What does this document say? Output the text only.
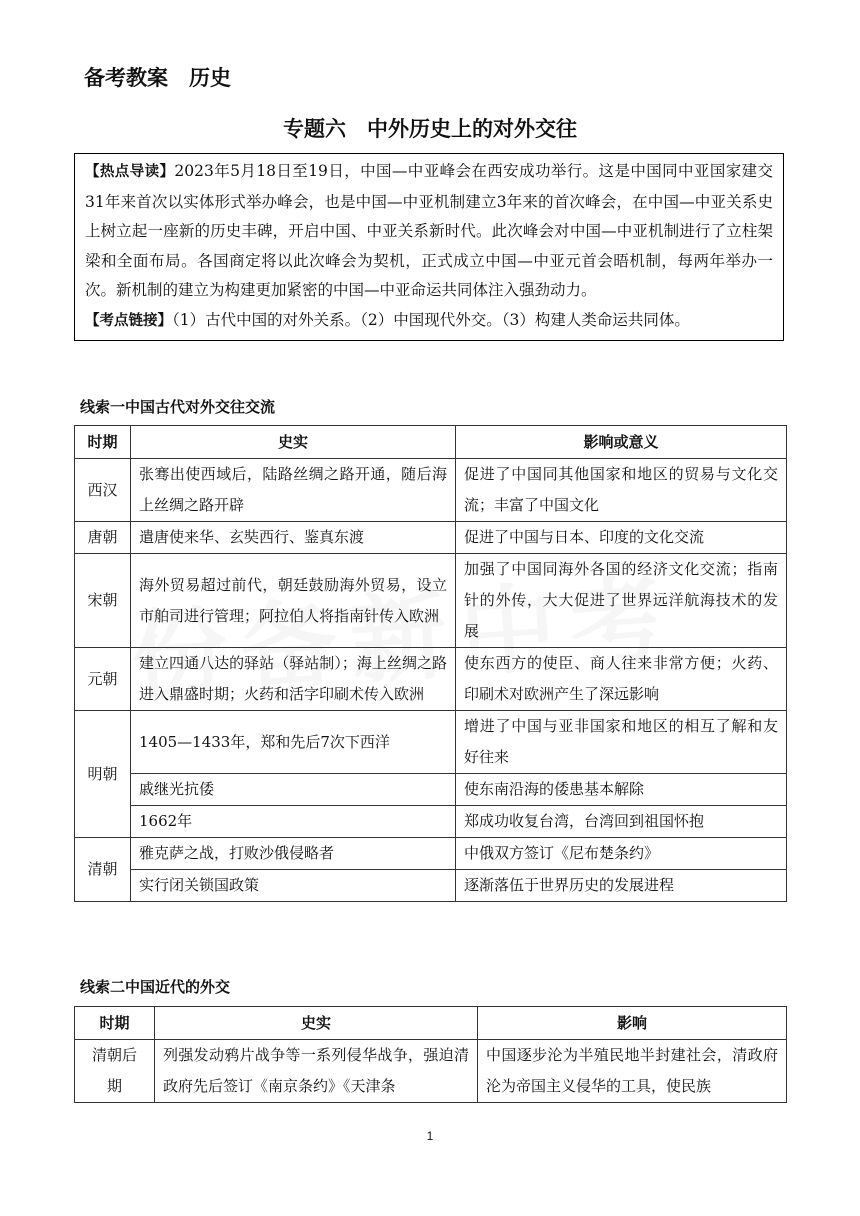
备考教案　历史
专题六　中外历史上的对外交往

【热点导读】2023年5月18日至19日，中国—中亚峰会在西安成功举行。这是中国同中亚国家建交31年来首次以实体形式举办峰会，也是中国—中亚机制建立3年来的首次峰会，在中国—中亚关系史上树立起一座新的历史丰碑，开启中国、中亚关系新时代。此次峰会对中国—中亚机制进行了立柱架梁和全面布局。各国商定将以此次峰会为契机，正式成立中国—中亚元首会晤机制，每两年举办一次。新机制的建立为构建更加紧密的中国—中亚命运共同体注入强劲动力。

【考点链接】（1）古代中国的对外关系。（2）中国现代外交。（3）构建人类命运共同体。

线索一中国古代对外交往交流
时期	史实	影响或意义
西汉	张骞出使西域后，陆路丝绸之路开通，随后海上丝绸之路开辟	促进了中国同其他国家和地区的贸易与文化交流；丰富了中国文化
唐朝	遣唐使来华、玄奘西行、鉴真东渡	促进了中国与日本、印度的文化交流
宋朝	海外贸易超过前代，朝廷鼓励海外贸易，设立市舶司进行管理；阿拉伯人将指南针传入欧洲	加强了中国同海外各国的经济文化交流；指南针的外传，大大促进了世界远洋航海技术的发展
元朝	建立四通八达的驿站（驿站制）；海上丝绸之路进入鼎盛时期；火药和活字印刷术传入欧洲	使东西方的使臣、商人往来非常方便；火药、印刷术对欧洲产生了深远影响
明朝	1405—1433年，郑和先后7次下西洋	增进了中国与亚非国家和地区的相互了解和友好往来
	戚继光抗倭	使东南沿海的倭患基本解除
	1662年	郑成功收复台湾，台湾回到祖国怀抱
清朝	雅克萨之战，打败沙俄侵略者	中俄双方签订《尼布楚条约》
	实行闭关锁国政策	逐渐落伍于世界历史的发展进程
线索二中国近代的外交
时期	史实	影响
清朝后期	列强发动鸦片战争等一系列侵华战争，强迫清政府先后签订《南京条约》《天津条	中国逐步沦为半殖民地半封建社会，清政府沦为帝国主义侵华的工具，使民族
1
